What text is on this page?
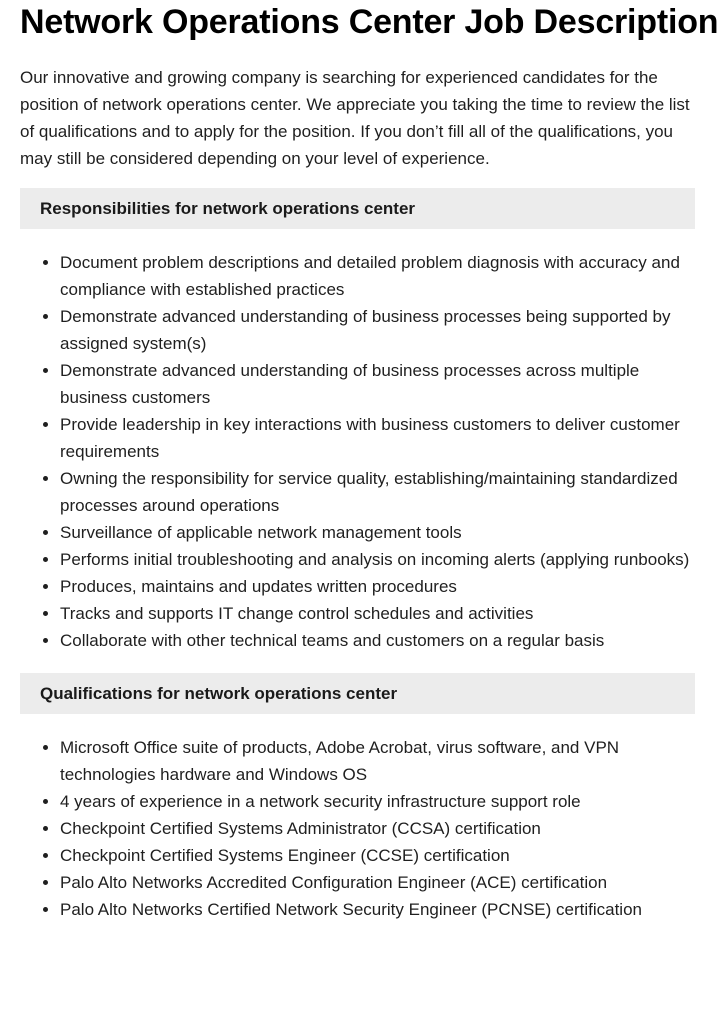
Network Operations Center Job Description

Our innovative and growing company is searching for experienced candidates for the position of network operations center. We appreciate you taking the time to review the list of qualifications and to apply for the position. If you don’t fill all of the qualifications, you may still be considered depending on your level of experience.

Responsibilities for network operations center
• Document problem descriptions and detailed problem diagnosis with accuracy and compliance with established practices
• Demonstrate advanced understanding of business processes being supported by assigned system(s)
• Demonstrate advanced understanding of business processes across multiple business customers
• Provide leadership in key interactions with business customers to deliver customer requirements
• Owning the responsibility for service quality, establishing/maintaining standardized processes around operations
• Surveillance of applicable network management tools
• Performs initial troubleshooting and analysis on incoming alerts (applying runbooks)
• Produces, maintains and updates written procedures
• Tracks and supports IT change control schedules and activities
• Collaborate with other technical teams and customers on a regular basis
Qualifications for network operations center
• Microsoft Office suite of products, Adobe Acrobat, virus software, and VPN technologies hardware and Windows OS
• 4 years of experience in a network security infrastructure support role
• Checkpoint Certified Systems Administrator (CCSA) certification
• Checkpoint Certified Systems Engineer (CCSE) certification
• Palo Alto Networks Accredited Configuration Engineer (ACE) certification
• Palo Alto Networks Certified Network Security Engineer (PCNSE) certification
